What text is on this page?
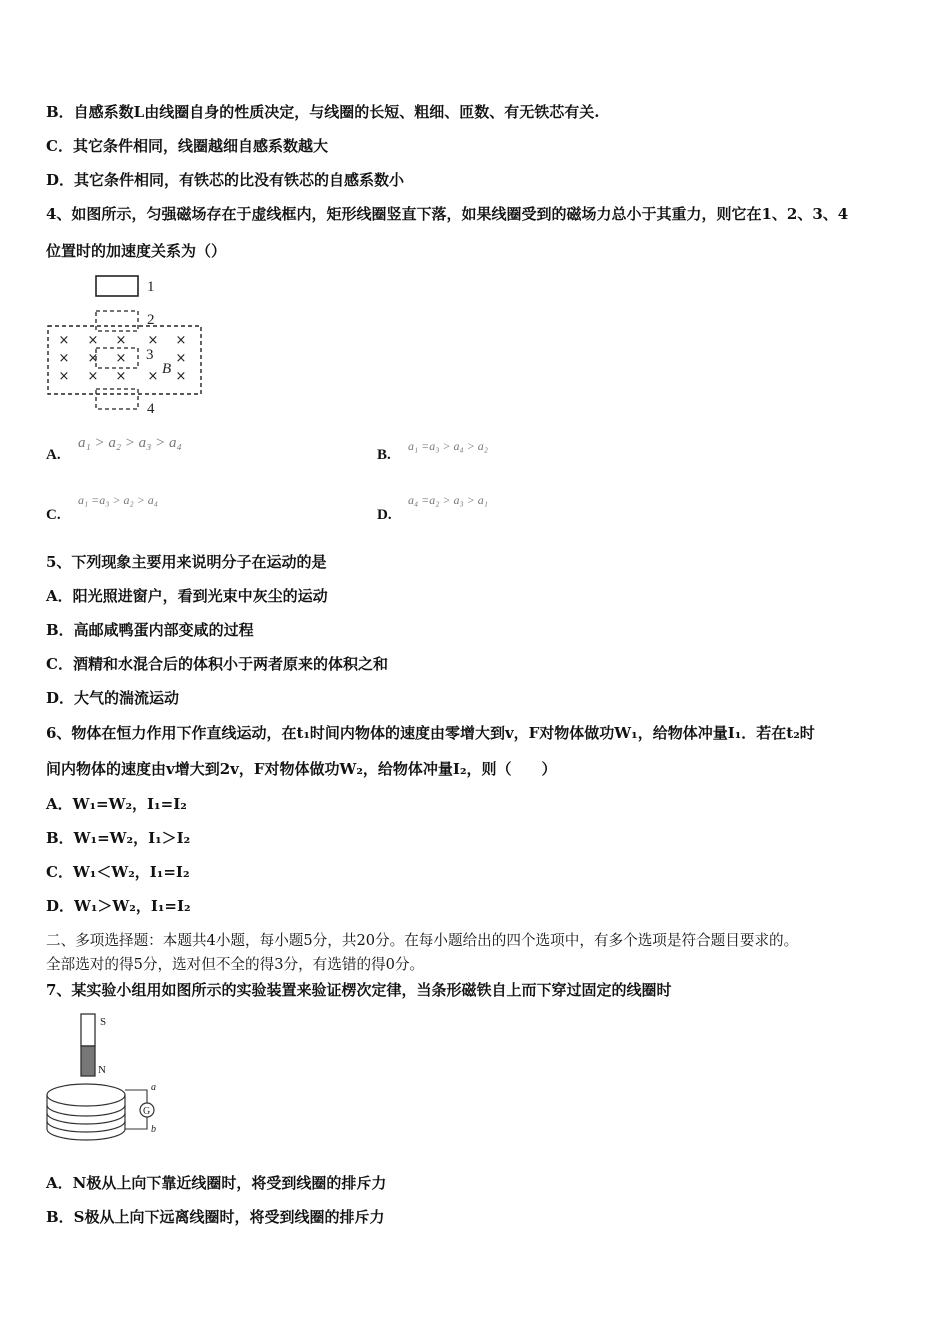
B．自感系数L由线圈自身的性质决定，与线圈的长短、粗细、匝数、有无铁芯有关.
C．其它条件相同，线圈越细自感系数越大
D．其它条件相同，有铁芯的比没有铁芯的自感系数小
4、如图所示，匀强磁场存在于虚线框内，矩形线圈竖直下落，如果线圈受到的磁场力总小于其重力，则它在1、2、3、4
位置时的加速度关系为（）
1
2
3
B
4
× × × × ×
× × ×	×
× × × × ×
A.
a₁ > a₂ > a₃ > a₄
B.
a₁ =a₃ > a₄ > a₂
C.
a₁ =a₃ > a₂ > a₄
D.
a₄ =a₂ > a₃ > a₁
5、下列现象主要用来说明分子在运动的是
A．阳光照进窗户，看到光束中灰尘的运动
B．高邮咸鸭蛋内部变咸的过程
C．酒精和水混合后的体积小于两者原来的体积之和
D．大气的湍流运动
6、物体在恒力作用下作直线运动，在t₁时间内物体的速度由零增大到v，F对物体做功W₁，给物体冲量I₁．若在t₂时
间内物体的速度由v增大到2v，F对物体做功W₂，给物体冲量I₂，则（　　）
A．W₁=W₂，I₁=I₂
B．W₁=W₂，I₁＞I₂
C．W₁＜W₂，I₁=I₂
D．W₁＞W₂，I₁=I₂
二、多项选择题：本题共4小题，每小题5分，共20分。在每小题给出的四个选项中，有多个选项是符合题目要求的。
全部选对的得5分，选对但不全的得3分，有选错的得0分。
7、某实验小组用如图所示的实验装置来验证楞次定律，当条形磁铁自上而下穿过固定的线圈时
S
N
G
a
b
A．N极从上向下靠近线圈时，将受到线圈的排斥力
B．S极从上向下远离线圈时，将受到线圈的排斥力
